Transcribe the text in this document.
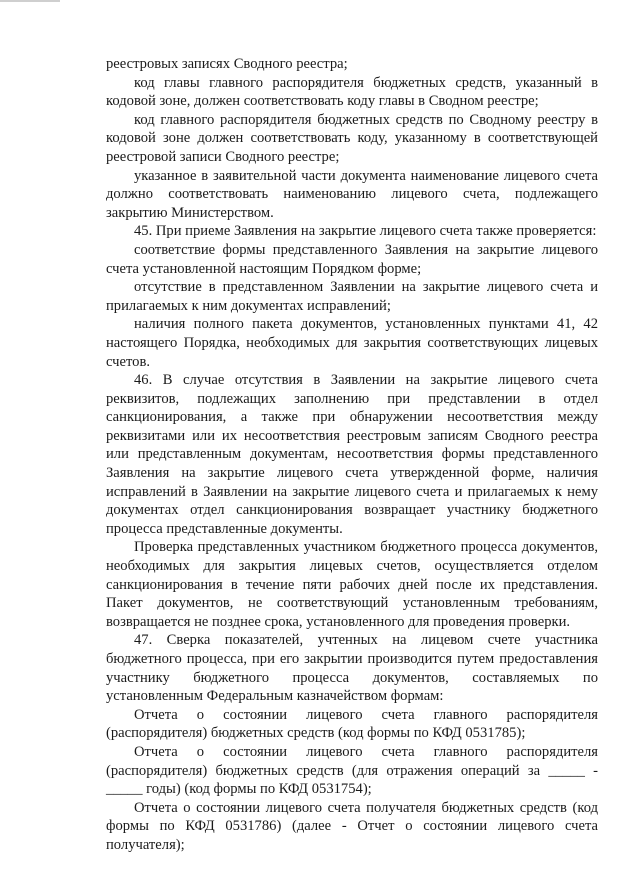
реестровых записях Сводного реестра;

код главы главного распорядителя бюджетных средств, указанный в кодовой зоне, должен соответствовать коду главы в Сводном реестре;

код главного распорядителя бюджетных средств по Сводному реестру в кодовой зоне должен соответствовать коду, указанному в соответствующей реестровой записи Сводного реестре;

указанное в заявительной части документа наименование лицевого счета должно соответствовать наименованию лицевого счета, подлежащего закрытию Министерством.

45. При приеме Заявления на закрытие лицевого счета также проверяется:

соответствие формы представленного Заявления на закрытие лицевого счета установленной настоящим Порядком форме;

отсутствие в представленном Заявлении на закрытие лицевого счета и прилагаемых к ним документах исправлений;

наличия полного пакета документов, установленных пунктами 41, 42 настоящего Порядка, необходимых для закрытия соответствующих лицевых счетов.

46. В случае отсутствия в Заявлении на закрытие лицевого счета реквизитов, подлежащих заполнению при представлении в отдел санкционирования, а также при обнаружении несоответствия между реквизитами или их несоответствия реестровым записям Сводного реестра или представленным документам, несоответствия формы представленного Заявления на закрытие лицевого счета утвержденной форме, наличия исправлений в Заявлении на закрытие лицевого счета и прилагаемых к нему документах отдел санкционирования возвращает участнику бюджетного процесса представленные документы.

Проверка представленных участником бюджетного процесса документов, необходимых для закрытия лицевых счетов, осуществляется отделом санкционирования в течение пяти рабочих дней после их представления. Пакет документов, не соответствующий установленным требованиям, возвращается не позднее срока, установленного для проведения проверки.

47. Сверка показателей, учтенных на лицевом счете участника бюджетного процесса, при его закрытии производится путем предоставления участнику бюджетного процесса документов, составляемых по установленным Федеральным казначейством формам:

Отчета о состоянии лицевого счета главного распорядителя (распорядителя) бюджетных средств (код формы по КФД 0531785);

Отчета о состоянии лицевого счета главного распорядителя (распорядителя) бюджетных средств (для отражения операций за _____ - _____ годы) (код формы по КФД 0531754);

Отчета о состоянии лицевого счета получателя бюджетных средств (код формы по КФД 0531786) (далее - Отчет о состоянии лицевого счета получателя);
